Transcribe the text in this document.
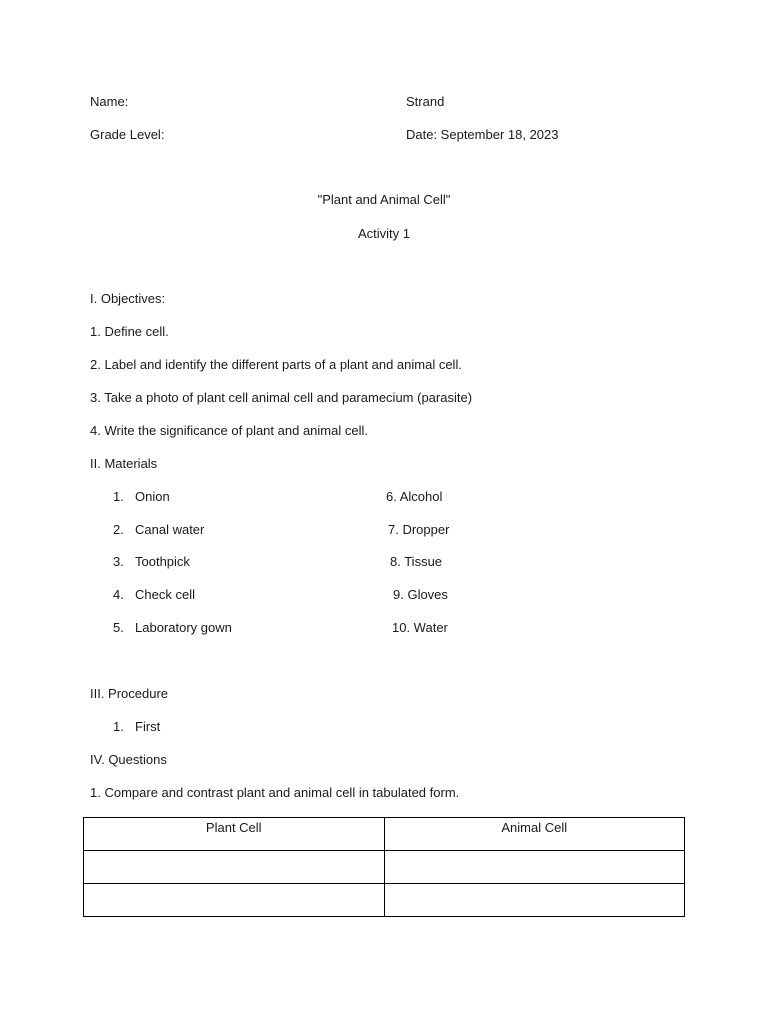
Name:	Strand
Grade Level:	Date: September 18, 2023
"Plant and Animal Cell"
Activity 1
I. Objectives:
1. Define cell.
2. Label and identify the different parts of a plant and animal cell.
3. Take a photo of plant cell animal cell and paramecium (parasite)
4. Write the significance of plant and animal cell.
II. Materials
1. Onion	6. Alcohol
2. Canal water	7. Dropper
3. Toothpick	8. Tissue
4. Check cell	9. Gloves
5. Laboratory gown	10. Water
III. Procedure
1. First
IV. Questions
1. Compare and contrast plant and animal cell in tabulated form.
Plant Cell	Animal Cell
